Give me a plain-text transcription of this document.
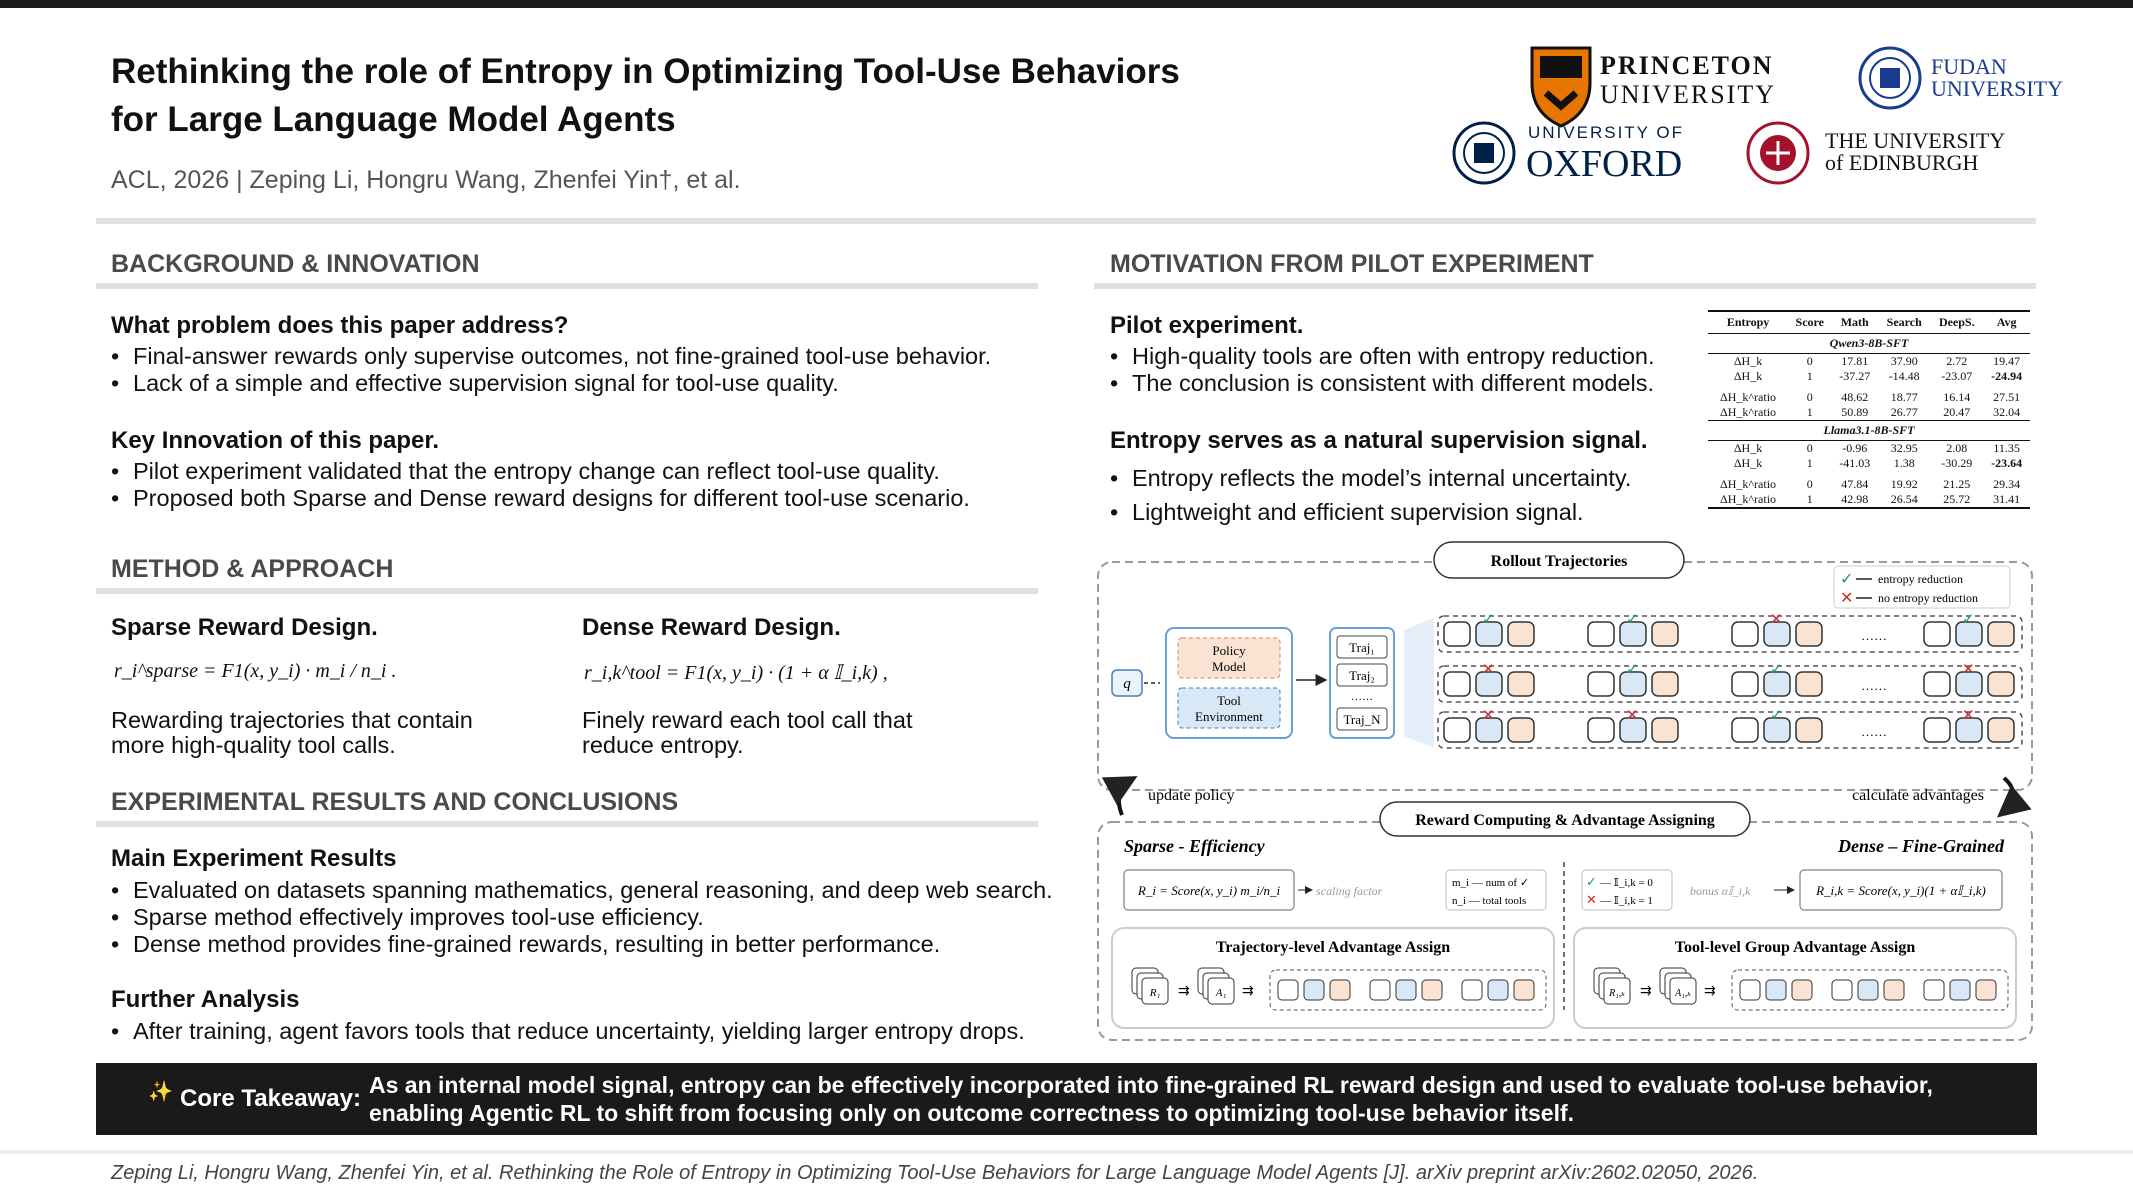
Rethinking the role of Entropy in Optimizing Tool-Use Behaviors
for Large Language Model Agents
ACL, 2026 | Zeping Li, Hongru Wang, Zhenfei Yin†, et al.
PRINCETON
UNIVERSITY
FUDAN
UNIVERSITY
UNIVERSITY OF
OXFORD
THE UNIVERSITY
of EDINBURGH
BACKGROUND & INNOVATION
What problem does this paper address?
• Final-answer rewards only supervise outcomes, not fine-grained tool-use behavior.
• Lack of a simple and effective supervision signal for tool-use quality.
Key Innovation of this paper.
• Pilot experiment validated that the entropy change can reflect tool-use quality.
• Proposed both Sparse and Dense reward designs for different tool-use scenario.
METHOD & APPROACH
Sparse Reward Design.
r_i^sparse = F1(x, y_i) · m_i / n_i .
Rewarding trajectories that contain
more high-quality tool calls.
Dense Reward Design.
r_i,k^tool = F1(x, y_i) · (1 + α 𝕀_i,k) ,
Finely reward each tool call that
reduce entropy.
EXPERIMENTAL RESULTS AND CONCLUSIONS
Main Experiment Results
• Evaluated on datasets spanning mathematics, general reasoning, and deep web search.
• Sparse method effectively improves tool-use efficiency.
• Dense method provides fine-grained rewards, resulting in better performance.
Further Analysis
• After training, agent favors tools that reduce uncertainty, yielding larger entropy drops.
MOTIVATION FROM PILOT EXPERIMENT
Pilot experiment.
• High-quality tools are often with entropy reduction.
• The conclusion is consistent with different models.
Entropy serves as a natural supervision signal.
• Entropy reflects the model’s internal uncertainty.
• Lightweight and efficient supervision signal.
Entropy	Score	Math	Search	DeepS.	Avg
Qwen3-8B-SFT					
ΔH_k	0	17.81	37.90	2.72	19.47
ΔH_k	1	-37.27	-14.48	-23.07	-24.94
ΔH_k^ratio	0	48.62	18.77	16.14	27.51
ΔH_k^ratio	1	50.89	26.77	20.47	32.04
Llama3.1-8B-SFT					
ΔH_k	0	-0.96	32.95	2.08	11.35
ΔH_k	1	-41.03	1.38	-30.29	-23.64
ΔH_k^ratio	0	47.84	19.92	21.25	29.34
ΔH_k^ratio	1	42.98	26.54	25.72	31.41
Rollout Trajectories
✓ entropy reduction
✕ no entropy reduction
q
Policy
Model
Tool
Environment
Traj₁
Traj₂
……
Traj_N
✓	✓	✕	✓
✕	✓	✓	✕
✕	✕	✓	✕
……
……
……
update policy	calculate advantages
Reward Computing & Advantage Assigning
Sparse - Efficiency	Dense – Fine-Grained
R_i = Score(x, y_i) m_i/n_i	scaling factor
m_i — num of ✓
n_i — total tools
✓ — 𝕀_i,k = 0
✕ — 𝕀_i,k = 1
bonus α𝕀_i,k	R_i,k = Score(x, y_i)(1 + α𝕀_i,k)
Trajectory-level Advantage Assign	Tool-level Group Advantage Assign
R₁ ⇉ A₁ ⇉	R₁,ₖ ⇉ A₁,ₖ ⇉
✨ Core Takeaway: As an internal model signal, entropy can be effectively incorporated into fine-grained RL reward design and used to evaluate tool-use behavior, enabling Agentic RL to shift from focusing only on outcome correctness to optimizing tool-use behavior itself.
Zeping Li, Hongru Wang, Zhenfei Yin, et al. Rethinking the Role of Entropy in Optimizing Tool-Use Behaviors for Large Language Model Agents [J]. arXiv preprint arXiv:2602.02050, 2026.
